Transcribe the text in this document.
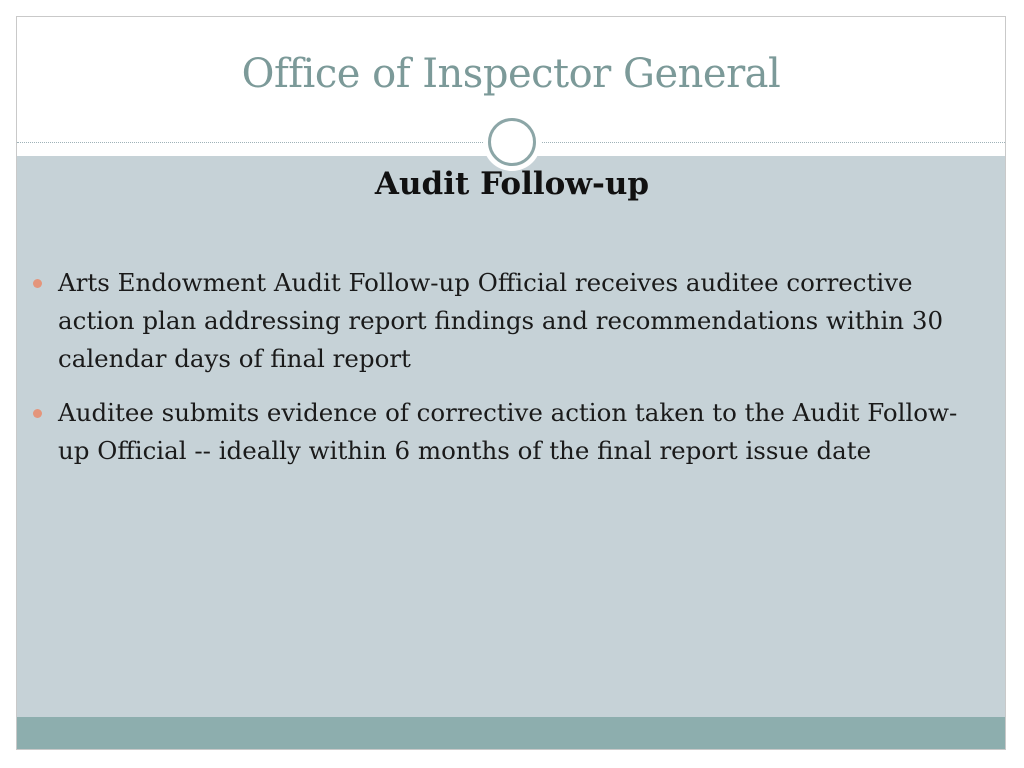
Office of Inspector General
Audit Follow-up
Arts Endowment Audit Follow-up Official receives auditee corrective action plan addressing report findings and recommendations within 30 calendar days of final report
Auditee submits evidence of corrective action taken to the Audit Follow-up Official -- ideally within 6 months of the final report issue date
